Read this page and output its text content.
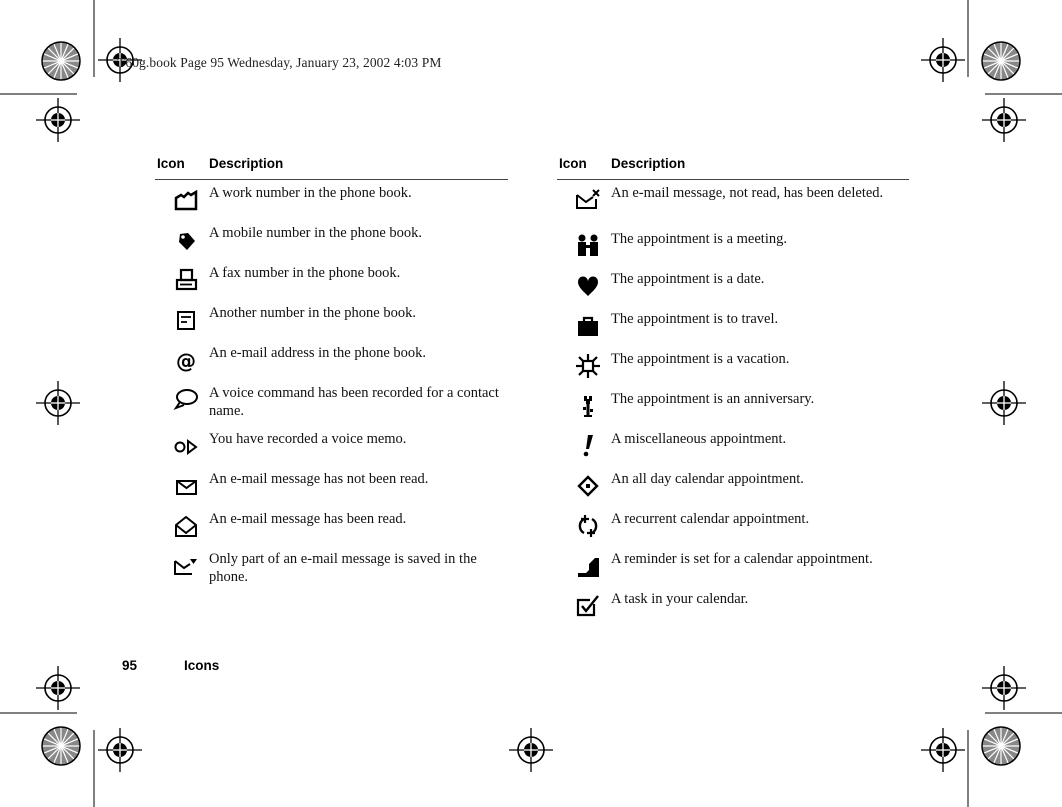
T60g.book Page 95 Wednesday, January 23, 2002 4:03 PM
Icon Description
A work number in the phone book.
A mobile number in the phone book.
A fax number in the phone book.
Another number in the phone book.
@ An e-mail address in the phone book.
A voice command has been recorded for a contact name.
You have recorded a voice memo.
An e-mail message has not been read.
An e-mail message has been read.
Only part of an e-mail message is saved in the phone.
Icon Description
An e-mail message, not read, has been deleted.
The appointment is a meeting.
The appointment is a date.
The appointment is to travel.
The appointment is a vacation.
The appointment is an anniversary.
A miscellaneous appointment.
An all day calendar appointment.
A recurrent calendar appointment.
A reminder is set for a calendar appointment.
A task in your calendar.
95	Icons
